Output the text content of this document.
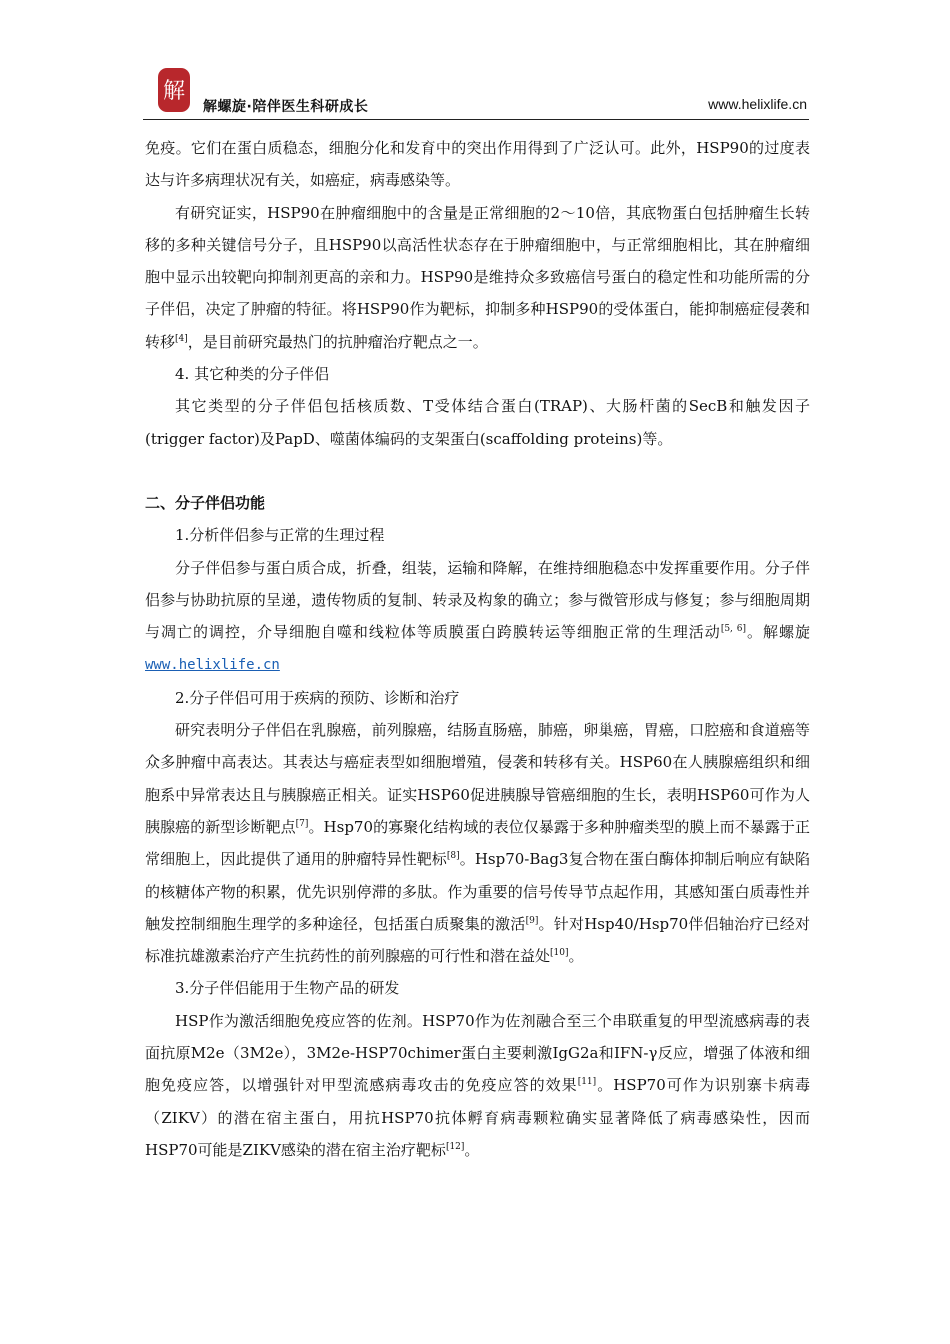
解
解螺旋·陪伴医生科研成长	www.helixlife.cn

免疫。它们在蛋白质稳态，细胞分化和发育中的突出作用得到了广泛认可。此外，HSP90的过度表达与许多病理状况有关，如癌症，病毒感染等。

有研究证实，HSP90在肿瘤细胞中的含量是正常细胞的2～10倍，其底物蛋白包括肿瘤生长转移的多种关键信号分子，且HSP90以高活性状态存在于肿瘤细胞中，与正常细胞相比，其在肿瘤细胞中显示出较靶向抑制剂更高的亲和力。HSP90是维持众多致癌信号蛋白的稳定性和功能所需的分子伴侣，决定了肿瘤的特征。将HSP90作为靶标，抑制多种HSP90的受体蛋白，能抑制癌症侵袭和转移[4]，是目前研究最热门的抗肿瘤治疗靶点之一。

4. 其它种类的分子伴侣

其它类型的分子伴侣包括核质数、T受体结合蛋白(TRAP)、大肠杆菌的SecB和触发因子(trigger factor)及PapD、噬菌体编码的支架蛋白(scaffolding proteins)等。

二、分子伴侣功能

1.分析伴侣参与正常的生理过程

分子伴侣参与蛋白质合成，折叠，组装，运输和降解，在维持细胞稳态中发挥重要作用。分子伴侣参与协助抗原的呈递，遗传物质的复制、转录及构象的确立；参与微管形成与修复；参与细胞周期与凋亡的调控，介导细胞自噬和线粒体等质膜蛋白跨膜转运等细胞正常的生理活动[5, 6]。解螺旋 www.helixlife.cn

2.分子伴侣可用于疾病的预防、诊断和治疗

研究表明分子伴侣在乳腺癌，前列腺癌，结肠直肠癌，肺癌，卵巢癌，胃癌，口腔癌和食道癌等众多肿瘤中高表达。其表达与癌症表型如细胞增殖，侵袭和转移有关。HSP60在人胰腺癌组织和细胞系中异常表达且与胰腺癌正相关。证实HSP60促进胰腺导管癌细胞的生长，表明HSP60可作为人胰腺癌的新型诊断靶点[7]。Hsp70的寡聚化结构域的表位仅暴露于多种肿瘤类型的膜上而不暴露于正常细胞上，因此提供了通用的肿瘤特异性靶标[8]。Hsp70-Bag3复合物在蛋白酶体抑制后响应有缺陷的核糖体产物的积累，优先识别停滞的多肽。作为重要的信号传导节点起作用，其感知蛋白质毒性并触发控制细胞生理学的多种途径，包括蛋白质聚集的激活[9]。针对Hsp40/Hsp70伴侣轴治疗已经对标准抗雄激素治疗产生抗药性的前列腺癌的可行性和潜在益处[10]。

3.分子伴侣能用于生物产品的研发

HSP作为激活细胞免疫应答的佐剂。HSP70作为佐剂融合至三个串联重复的甲型流感病毒的表面抗原M2e（3M2e），3M2e-HSP70chimer蛋白主要刺激IgG2a和IFN-γ反应，增强了体液和细胞免疫应答，以增强针对甲型流感病毒攻击的免疫应答的效果[11]。HSP70可作为识别寨卡病毒（ZIKV）的潜在宿主蛋白，用抗HSP70抗体孵育病毒颗粒确实显著降低了病毒感染性，因而HSP70可能是ZIKV感染的潜在宿主治疗靶标[12]。
